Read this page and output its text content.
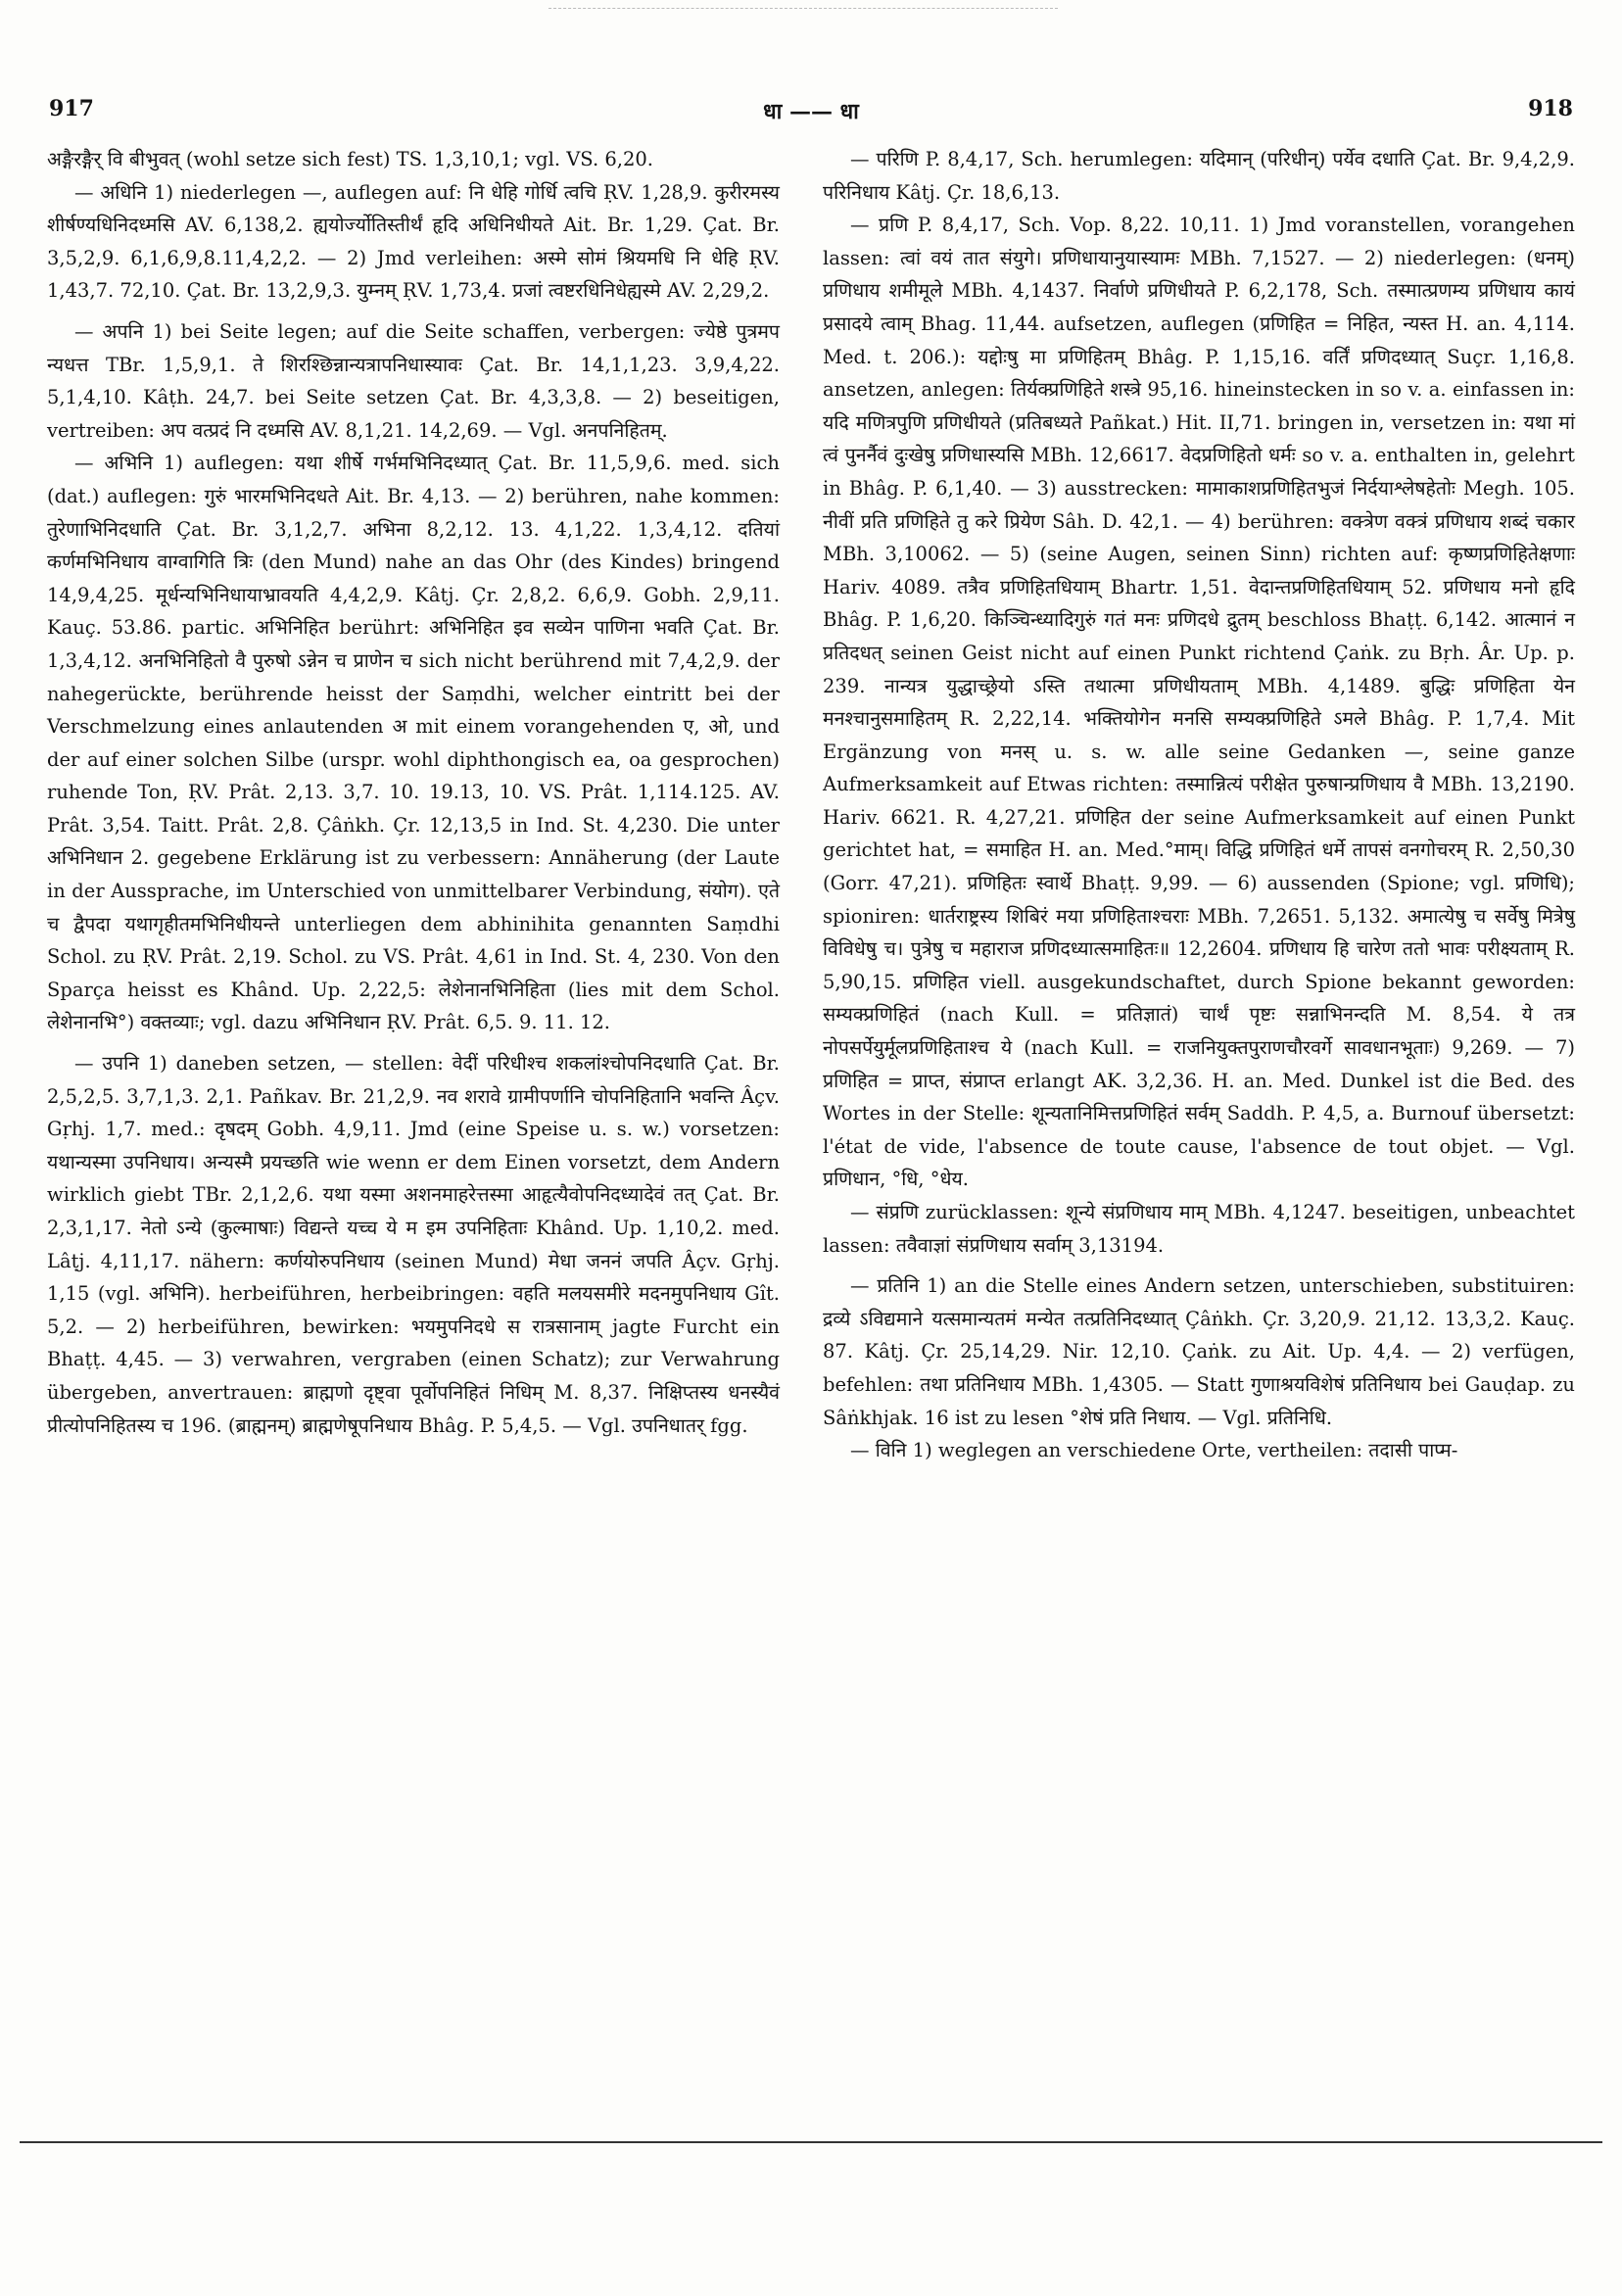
917	धा —— धा	918

अङ्गैरङ्गैर् वि बीभुवत् (wohl setze sich fest) TS. 1,3,10,1; vgl. VS. 6,20.

— अधिनि 1) niederlegen —, auflegen auf: नि धेहि गोर्धि त्वचि ṚV. 1,28,9. कुरीरमस्य शीर्षण्यधिनिदध्मसि AV. 6,138,2. ह्ययोर्ज्योतिस्तीर्थं हृदि अधिनिधीयते Ait. Br. 1,29. Çat. Br. 3,5,2,9. 6,1,6,9,8.11,4,2,2. — 2) Jmd verleihen: अस्मे सोमं श्रियमधि नि धेहि ṚV. 1,43,7. 72,10. Çat. Br. 13,2,9,3. युम्नम् ṚV. 1,73,4. प्रजां त्वष्टरधिनिधेह्यस्मे AV. 2,29,2.

— अपनि 1) bei Seite legen; auf die Seite schaffen, verbergen: ज्येष्ठे पुत्रमप न्यधत्त TBr. 1,5,9,1. ते शिरश्छिन्नान्यत्रापनिधास्यावः Çat. Br. 14,1,1,23. 3,9,4,22. 5,1,4,10. Kâṭh. 24,7. bei Seite setzen Çat. Br. 4,3,3,8. — 2) beseitigen, vertreiben: अप वत्प्रदं नि दध्मसि AV. 8,1,21. 14,2,69. — Vgl. अनपनिहितम्.

— अभिनि 1) auflegen: यथा शीर्षे गर्भमभिनिदध्यात् Çat. Br. 11,5,9,6. med. sich (dat.) auflegen: गुरुं भारमभिनिदधते Ait. Br. 4,13. — 2) berühren, nahe kommen: तुरेणाभिनिदधाति Çat. Br. 3,1,2,7. अभिना 8,2,12. 13. 4,1,22. 1,3,4,12. दतियां कर्णमभिनिधाय वाग्वागिति त्रिः (den Mund) nahe an das Ohr (des Kindes) bringend 14,9,4,25. मूर्धन्यभिनिधायाभ्रावयति 4,4,2,9. Kâtj. Çr. 2,8,2. 6,6,9. Gobh. 2,9,11. Kauç. 53.86. partic. अभिनिहित berührt: अभिनिहित इव सव्येन पाणिना भवति Çat. Br. 1,3,4,12. अनभिनिहितो वै पुरुषो ऽन्नेन च प्राणेन च sich nicht berührend mit 7,4,2,9. der nahegerückte, berührende heisst der Saṃdhi, welcher eintritt bei der Verschmelzung eines anlautenden अ mit einem vorangehenden ए, ओ, und der auf einer solchen Silbe (urspr. wohl diphthongisch ea, oa gesprochen) ruhende Ton, ṚV. Prât. 2,13. 3,7. 10. 19.13, 10. VS. Prât. 1,114.125. AV. Prât. 3,54. Taitt. Prât. 2,8. Çâṅkh. Çr. 12,13,5 in Ind. St. 4,230. Die unter अभिनिधान 2. gegebene Erklärung ist zu verbessern: Annäherung (der Laute in der Aussprache, im Unterschied von unmittelbarer Verbindung, संयोग). एते च द्वैपदा यथागृहीतमभिनिधीयन्ते unterliegen dem abhinihita genannten Saṃdhi Schol. zu ṚV. Prât. 2,19. Schol. zu VS. Prât. 4,61 in Ind. St. 4, 230. Von den Sparça heisst es Khând. Up. 2,22,5: लेशेनानभिनिहिता (lies mit dem Schol. लेशेनानभि°) वक्तव्याः; vgl. dazu अभिनिधान ṚV. Prât. 6,5. 9. 11. 12.

— उपनि 1) daneben setzen, — stellen: वेदीं परिधीश्च शकलांश्चोपनिदधाति Çat. Br. 2,5,2,5. 3,7,1,3. 2,1. Pañkav. Br. 21,2,9. नव शरावे ग्रामीपर्णानि चोपनिहितानि भवन्ति Âçv. Gṛhj. 1,7. med.: दृषदम् Gobh. 4,9,11. Jmd (eine Speise u. s. w.) vorsetzen: यथान्यस्मा उपनिधाय। अन्यस्मै प्रयच्छति wie wenn er dem Einen vorsetzt, dem Andern wirklich giebt TBr. 2,1,2,6. यथा यस्मा अशनमाहरेत्तस्मा आहृत्यैवोपनिदध्यादेवं तत् Çat. Br. 2,3,1,17. नेतो ऽन्ये (कुल्माषाः) विद्यन्ते यच्च ये म इम उपनिहिताः Khând. Up. 1,10,2. med. Lâṭj. 4,11,17. nähern: कर्णयोरुपनिधाय (seinen Mund) मेधा जननं जपति Âçv. Gṛhj. 1,15 (vgl. अभिनि). herbeiführen, herbeibringen: वहति मलयसमीरे मदनमुपनिधाय Gît. 5,2. — 2) herbeiführen, bewirken: भयमुपनिदधे स रात्रसानाम् jagte Furcht ein Bhaṭṭ. 4,45. — 3) verwahren, vergraben (einen Schatz); zur Verwahrung übergeben, anvertrauen: ब्राह्मणो दृष्ट्वा पूर्वोपनिहितं निधिम् M. 8,37. निक्षिप्तस्य धनस्यैवं प्रीत्योपनिहितस्य च 196. (ब्राह्मनम्) ब्राह्मणेषूपनिधाय Bhâg. P. 5,4,5. — Vgl. उपनिधातर् fgg.

— परिणि P. 8,4,17, Sch. herumlegen: यदिमान् (परिधीन्) पर्येव दधाति Çat. Br. 9,4,2,9. परिनिधाय Kâtj. Çr. 18,6,13.

— प्रणि P. 8,4,17, Sch. Vop. 8,22. 10,11. 1) Jmd voranstellen, vorangehen lassen: त्वां वयं तात संयुगे। प्रणिधायानुयास्यामः MBh. 7,1527. — 2) niederlegen: (धनम्) प्रणिधाय शमीमूले MBh. 4,1437. निर्वाणे प्रणिधीयते P. 6,2,178, Sch. तस्मात्प्रणम्य प्रणिधाय कायं प्रसादये त्वाम् Bhag. 11,44. aufsetzen, auflegen (प्रणिहित = निहित, न्यस्त H. an. 4,114. Med. t. 206.): यद्दोःषु मा प्रणिहितम् Bhâg. P. 1,15,16. वर्तिं प्रणिदध्यात् Suçr. 1,16,8. ansetzen, anlegen: तिर्यक्प्रणिहिते शस्त्रे 95,16. hineinstecken in so v. a. einfassen in: यदि मणित्रपुणि प्रणिधीयते (प्रतिबध्यते Pañkat.) Hit. II,71. bringen in, versetzen in: यथा मां त्वं पुनर्नैवं दुःखेषु प्रणिधास्यसि MBh. 12,6617. वेदप्रणिहितो धर्मः so v. a. enthalten in, gelehrt in Bhâg. P. 6,1,40. — 3) ausstrecken: मामाकाशप्रणिहितभुजं निर्दयाश्लेषहेतोः Megh. 105. नीवीं प्रति प्रणिहिते तु करे प्रियेण Sâh. D. 42,1. — 4) berühren: वक्त्रेण वक्त्रं प्रणिधाय शब्दं चकार MBh. 3,10062. — 5) (seine Augen, seinen Sinn) richten auf: कृष्णप्रणिहितेक्षणाः Hariv. 4089. तत्रैव प्रणिहितधियाम् Bhartr. 1,51. वेदान्तप्रणिहितधियाम् 52. प्रणिधाय मनो हृदि Bhâg. P. 1,6,20. किञ्चिन्ध्यादिगुरुं गतं मनः प्रणिदधे द्रुतम् beschloss Bhaṭṭ. 6,142. आत्मानं न प्रतिदधत् seinen Geist nicht auf einen Punkt richtend Çaṅk. zu Bṛh. Âr. Up. p. 239. नान्यत्र युद्धाच्छ्रेयो ऽस्ति तथात्मा प्रणिधीयताम् MBh. 4,1489. बुद्धिः प्रणिहिता येन मनश्चानुसमाहितम् R. 2,22,14. भक्तियोगेन मनसि सम्यक्प्रणिहिते ऽमले Bhâg. P. 1,7,4. Mit Ergänzung von मनस् u. s. w. alle seine Gedanken —, seine ganze Aufmerksamkeit auf Etwas richten: तस्मान्नित्यं परीक्षेत पुरुषान्प्रणिधाय वै MBh. 13,2190. Hariv. 6621. R. 4,27,21. प्रणिहित der seine Aufmerksamkeit auf einen Punkt gerichtet hat, = समाहित H. an. Med.°माम्। विद्धि प्रणिहितं धर्मे तापसं वनगोचरम् R. 2,50,30 (Gorr. 47,21). प्रणिहितः स्वार्थे Bhaṭṭ. 9,99. — 6) aussenden (Spione; vgl. प्रणिधि); spioniren: धार्तराष्ट्रस्य शिबिरं मया प्रणिहिताश्चराः MBh. 7,2651. 5,132. अमात्येषु च सर्वेषु मित्रेषु विविधेषु च। पुत्रेषु च महाराज प्रणिदध्यात्समाहितः॥ 12,2604. प्रणिधाय हि चारेण ततो भावः परीक्ष्यताम् R. 5,90,15. प्रणिहित viell. ausgekundschaftet, durch Spione bekannt geworden: सम्यक्प्रणिहितं (nach Kull. = प्रतिज्ञातं) चार्थं पृष्टः सन्नाभिनन्दति M. 8,54. ये तत्र नोपसर्पेयुर्मूलप्रणिहिताश्च ये (nach Kull. = राजनियुक्तपुराणचौरवर्गे सावधानभूताः) 9,269. — 7) प्रणिहित = प्राप्त, संप्राप्त erlangt AK. 3,2,36. H. an. Med. Dunkel ist die Bed. des Wortes in der Stelle: शून्यतानिमित्तप्रणिहितं सर्वम् Saddh. P. 4,5, a. Burnouf übersetzt: l'état de vide, l'absence de toute cause, l'absence de tout objet. — Vgl. प्रणिधान, °धि, °धेय.

— संप्रणि zurücklassen: शून्ये संप्रणिधाय माम् MBh. 4,1247. beseitigen, unbeachtet lassen: तवैवाज्ञां संप्रणिधाय सर्वाम् 3,13194.

— प्रतिनि 1) an die Stelle eines Andern setzen, unterschieben, substituiren: द्रव्ये ऽविद्यमाने यत्समान्यतमं मन्येत तत्प्रतिनिदध्यात् Çâṅkh. Çr. 3,20,9. 21,12. 13,3,2. Kauç. 87. Kâtj. Çr. 25,14,29. Nir. 12,10. Çaṅk. zu Ait. Up. 4,4. — 2) verfügen, befehlen: तथा प्रतिनिधाय MBh. 1,4305. — Statt गुणाश्रयविशेषं प्रतिनिधाय bei Gauḍap. zu Sâṅkhjak. 16 ist zu lesen °शेषं प्रति निधाय. — Vgl. प्रतिनिधि.

— विनि 1) weglegen an verschiedene Orte, vertheilen: तदासी पाप्म-
